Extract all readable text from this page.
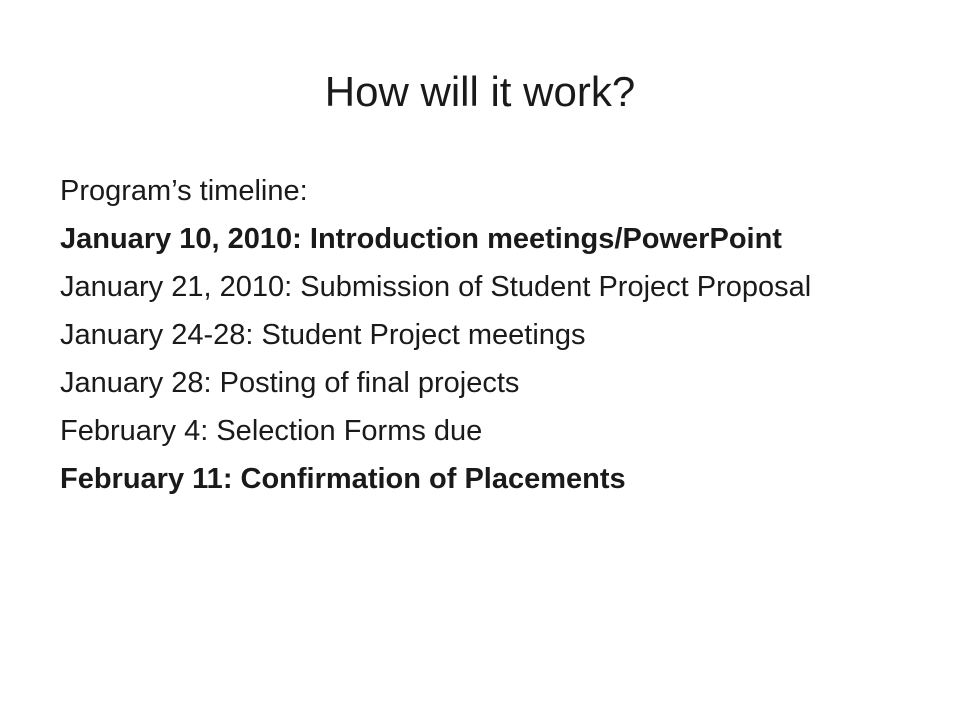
How will it work?
Program’s timeline:
January 10, 2010: Introduction meetings/PowerPoint
January 21, 2010: Submission of Student Project Proposal
January 24-28: Student Project meetings
January 28: Posting of final projects
February 4: Selection Forms due
February 11: Confirmation of Placements
